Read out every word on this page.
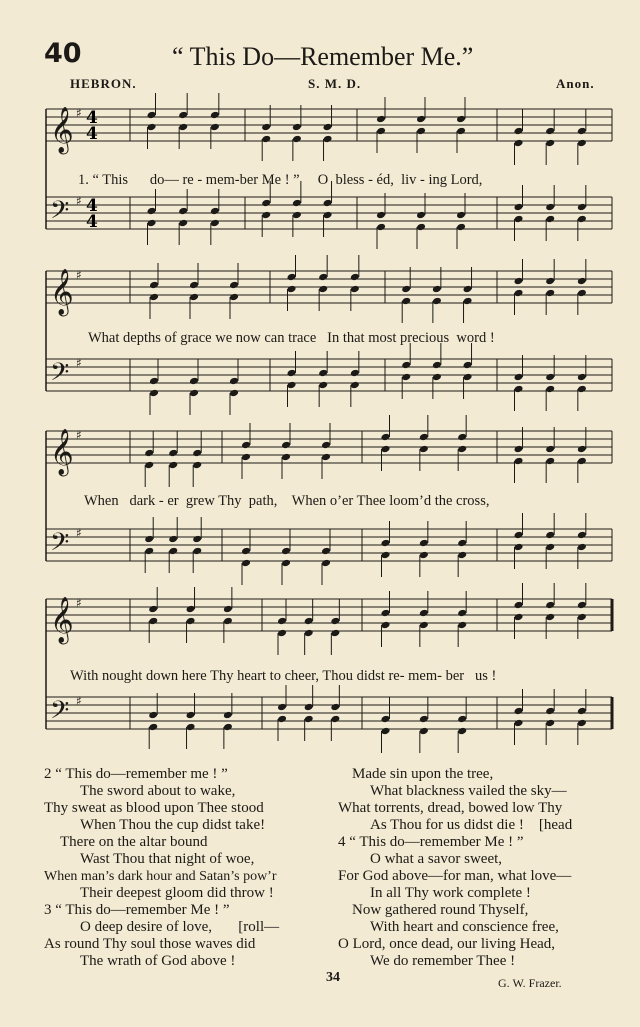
40	“ This Do—Remember Me.”
HEBRON.	S. M. D.	Anon.
𝄞 ♯
𝄢 ♯
4
4
4
4
𝄞 ♯
𝄢 ♯
𝄞 ♯
𝄢 ♯
𝄞 ♯
𝄢 ♯
1. “ This      do— re - mem-ber Me ! ”     O  bless - éd,  liv - ing Lord,
What depths of grace we now can trace   In that most precious  word !
When   dark - er  grew Thy  path,    When o’er Thee loom’d the cross,
With nought down here Thy heart to cheer, Thou didst re- mem- ber   us !
2 “ This do—remember me ! ”
The sword about to wake,
Thy sweat as blood upon Thee stood
When Thou the cup didst take!
There on the altar bound
Wast Thou that night of woe,
When man’s dark hour and Satan’s pow’r
Their deepest gloom did throw !
3 “ This do—remember Me ! ”
O deep desire of love,       [roll—
As round Thy soul those waves did
The wrath of God above !
Made sin upon the tree,
What blackness vailed the sky—
What torrents, dread, bowed low Thy
As Thou for us didst die !    [head
4 “ This do—remember Me ! ”
O what a savor sweet,
For God above—for man, what love—
In all Thy work complete !
Now gathered round Thyself,
With heart and conscience free,
O Lord, once dead, our living Head,
We do remember Thee !
34	G. W. Frazer.
